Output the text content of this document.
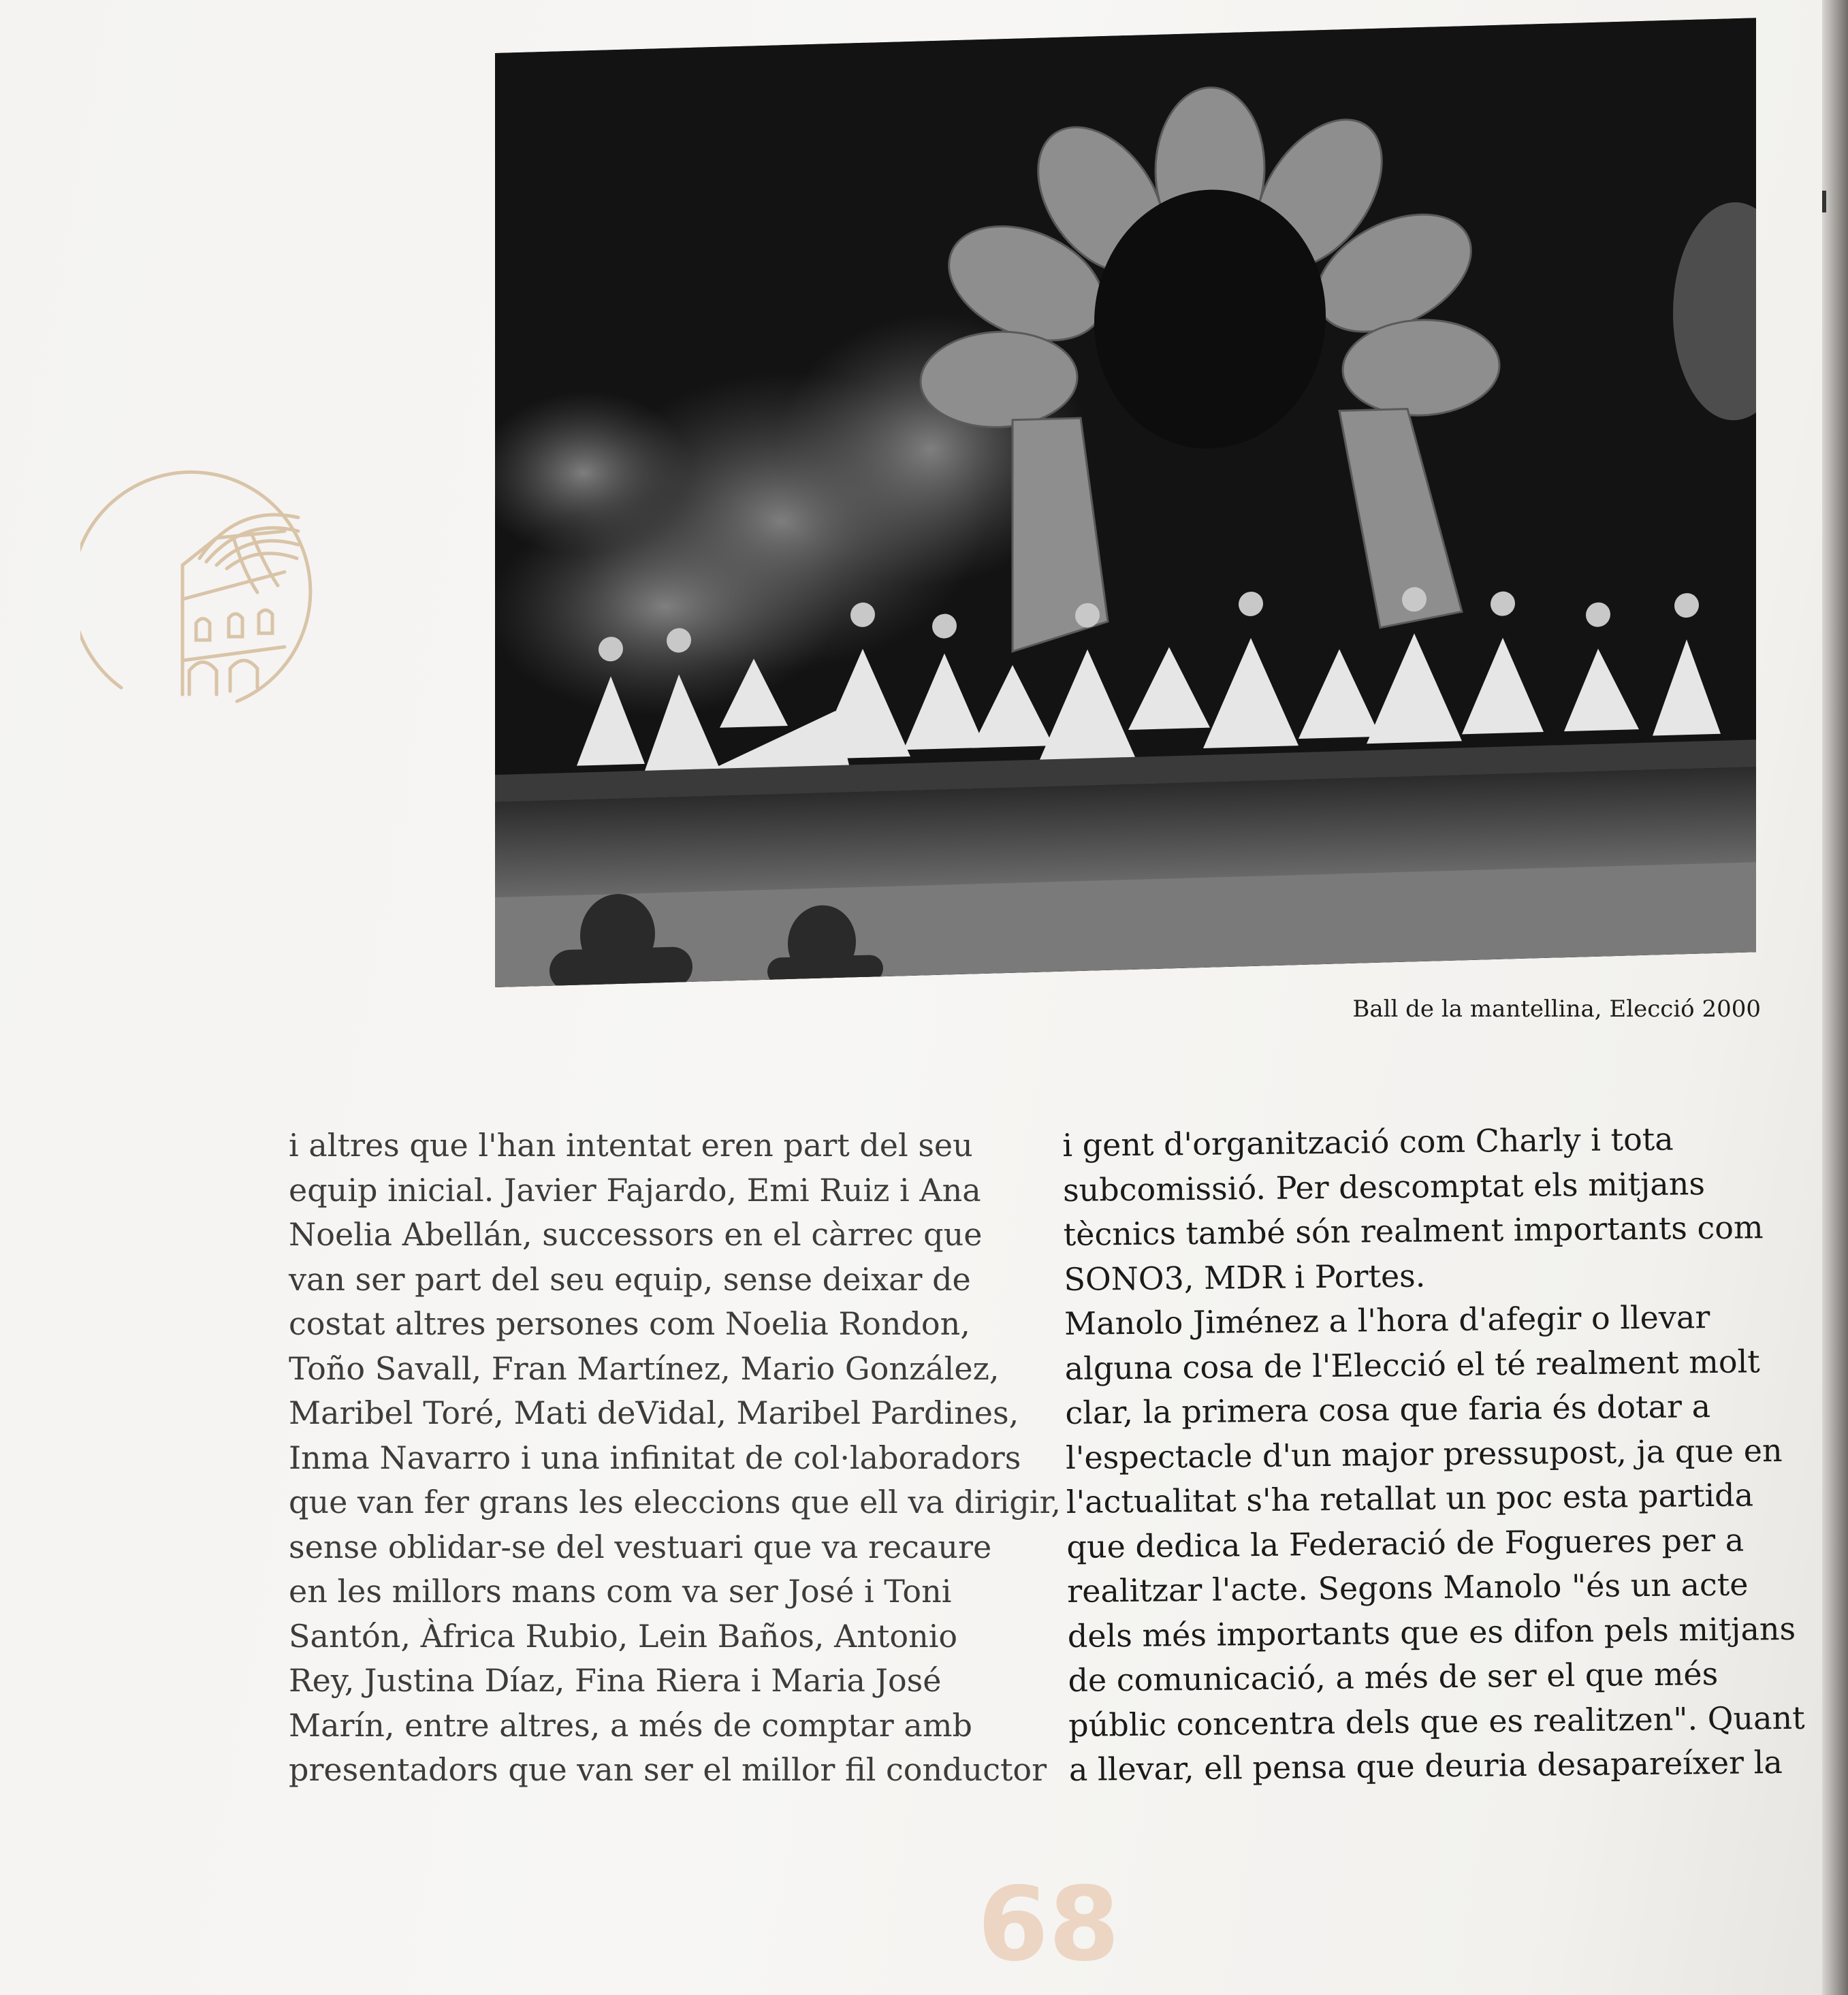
Ball de la mantellina, Elecció 2000
i altres que l'han intentat eren part del seu
equip inicial. Javier Fajardo, Emi Ruiz i Ana
Noelia Abellán, successors en el càrrec que
van ser part del seu equip, sense deixar de
costat altres persones com Noelia Rondon,
Toño Savall, Fran Martínez, Mario González,
Maribel Toré, Mati deVidal, Maribel Pardines,
Inma Navarro i una infinitat de col·laboradors
que van fer grans les eleccions que ell va dirigir,
sense oblidar-se del vestuari que va recaure
en les millors mans com va ser José i Toni
Santón, Àfrica Rubio, Lein Baños, Antonio
Rey, Justina Díaz, Fina Riera i Maria José
Marín, entre altres, a més de comptar amb
presentadors que van ser el millor fil conductor
i gent d'organització com Charly i tota
subcomissió. Per descomptat els mitjans
tècnics també són realment importants com
SONO3, MDR i Portes.
Manolo Jiménez a l'hora d'afegir o llevar
alguna cosa de l'Elecció el té realment molt
clar, la primera cosa que faria és dotar a
l'espectacle d'un major pressupost, ja que en
l'actualitat s'ha retallat un poc esta partida
que dedica la Federació de Fogueres per a
realitzar l'acte. Segons Manolo "és un acte
dels més importants que es difon pels mitjans
de comunicació, a més de ser el que més
públic concentra dels que es realitzen". Quant
a llevar, ell pensa que deuria desapareíxer la
68
